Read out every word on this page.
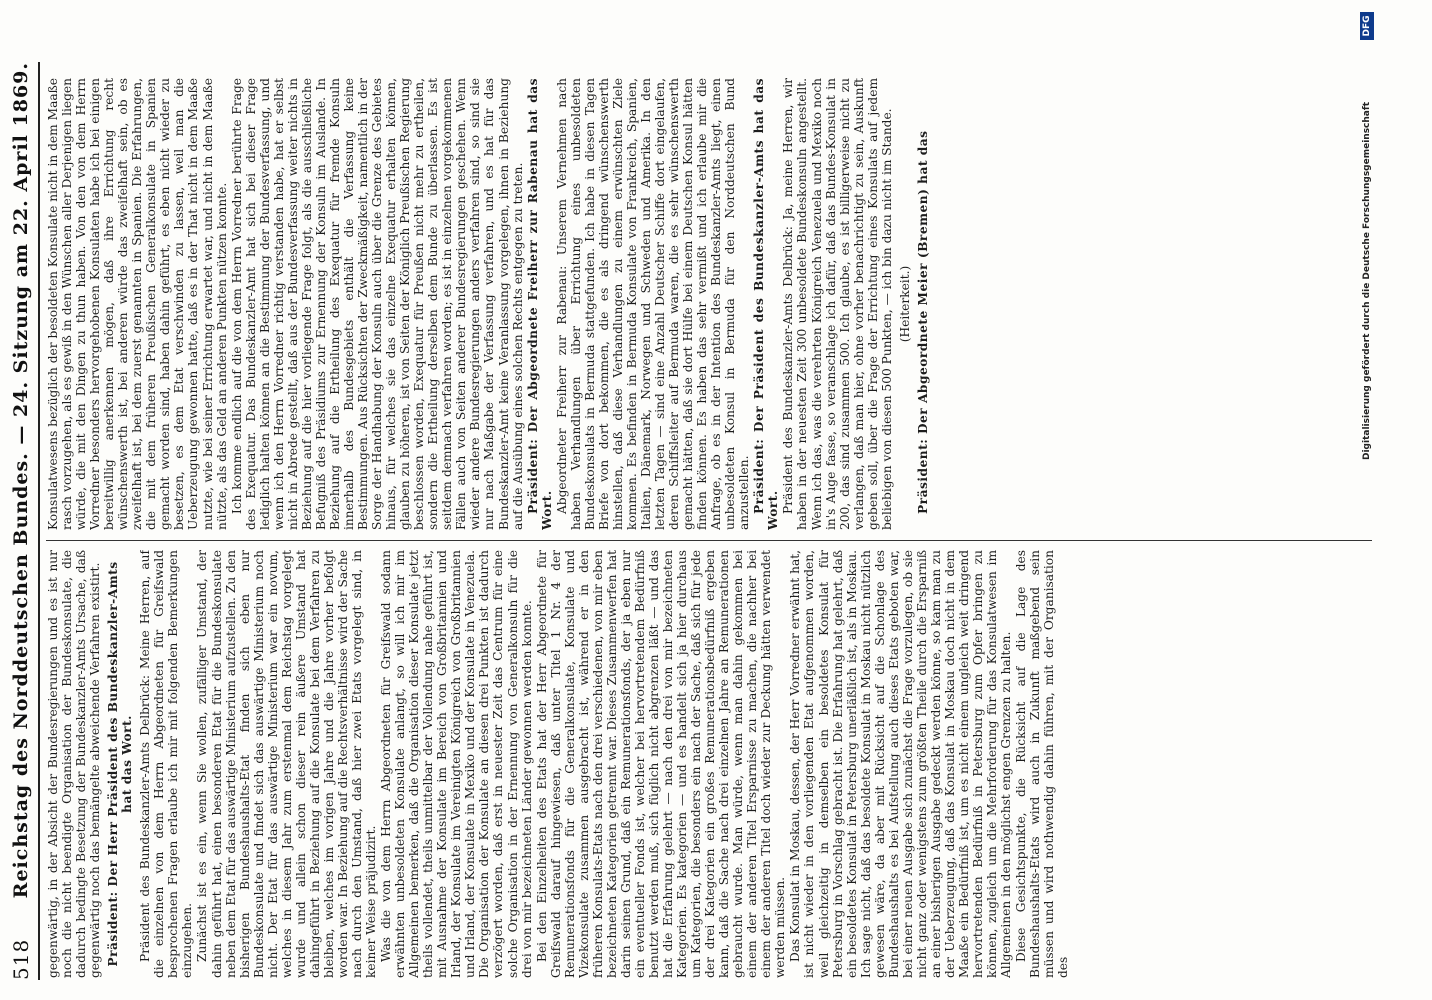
518
Reichstag des Norddeutschen Bundes. — 24. Sitzung am 22. April 1869. gegenwärtig, in der Absicht der Bundesregierungen und es ist nur noch die nicht beendigte Organisation der Bundeskonsulate, die dadurch bedingte Besetzung der Bundeskanzler-Amts Ursache, daß gegenwärtig noch das bemängelte abweichende Verfahren existirt. Präsident: Der Herr Präsident des Bundeskanzler-Amts hat das Wort. Präsident des Bundeskanzler-Amts Delbrück: Meine Herren, auf die einzelnen von dem Herrn Abgeordneten für Greifswald besprochenen Fragen erlaube ich mir mit folgenden Bemerkungen einzugehen. Zunächst ist es ein, wenn Sie wollen, zufälliger Umstand, der dahin geführt hat, einen besonderen Etat für die Bundeskonsulate neben dem Etat für das auswärtige Ministerium aufzustellen. Zu den bisherigen Bundeshaushalts-Etat finden sich eben nur Bundeskonsulate und findet sich das auswärtige Ministerium noch nicht. Der Etat für das auswärtige Ministerium war ein novum, welches in diesem Jahr zum erstenmal dem Reichstag vorgelegt wurde und allein schon dieser rein äußere Umstand hat dahingeführt in Beziehung auf die Konsulate bei dem Verfahren zu bleiben, welches im vorigen Jahre und die Jahre vorher befolgt worden war. In Beziehung auf die Rechtsverhältnisse wird der Sache nach durch den Umstand, daß hier zwei Etats vorgelegt sind, in keiner Weise präjudizirt. Was die von dem Herrn Abgeordneten für Greifswald sodann erwähnten unbesoldeten Konsulate anlangt, so will ich mir im Allgemeinen bemerken, daß die Organisation dieser Konsulate jetzt theils vollendet, theils unmittelbar der Vollendung nahe geführt ist, mit Ausnahme der Konsulate im Bereich von Großbritannien und Irland, der Konsulate im Vereinigten Königreich von Großbritannien und Irland, der Konsulate in Mexiko und der Konsulate in Venezuela. Die Organisation der Konsulate an diesen drei Punkten ist dadurch verzögert worden, daß erst in neuester Zeit das Centrum für eine solche Organisation in der Ernennung von Generalkonsuln für die drei von mir bezeichneten Länder gewonnen werden konnte. Bei den Einzelheiten des Etats hat der Herr Abgeordnete für Greifswald darauf hingewiesen, daß unter Titel 1 Nr. 4 der Remunerationsfonds für die Generalkonsulate, Konsulate und Vizekonsulate zusammen ausgebracht ist, während er in den früheren Konsulats-Etats nach den drei verschiedenen, von mir eben bezeichneten Kategorien getrennt war. Dieses Zusammenwerfen hat darin seinen Grund, daß ein Remunerationsfonds, der ja eben nur ein eventueller Fonds ist, welcher bei hervortretendem Bedürfniß benutzt werden muß, sich füglich nicht abgrenzen läßt — und das hat die Erfahrung gelehrt — nach den drei von mir bezeichneten Kategorien. Es kategorien — und es handelt sich ja hier durchaus um Kategorien, die besonders ein nach der Sache, daß sich für jede der drei Kategorien ein großes Remunerationsbedürfniß ergeben kann, daß die Sache nach drei einzelnen Jahre an Remunerationen gebraucht wurde. Man würde, wenn man dahin gekommen bei einem der anderen Titel Ersparnisse zu machen, die nachher bei einem der anderen Titel doch wieder zur Deckung hätten verwendet werden müssen. Das Konsulat in Moskau, dessen, der Herr Vorredner erwähnt hat, ist nicht wieder in den vorliegenden Etat aufgenommen worden, weil gleichzeitig in demselben ein besoldetes Konsulat für Petersburg in Vorschlag gebracht ist. Die Erfahrung hat gelehrt, daß ein besoldetes Konsulat in Petersburg unerläßlich ist, als in Moskau. Ich sage nicht, daß das besoldete Konsulat in Moskau nicht nützlich gewesen wäre, da aber mit Rücksicht auf die Schonlage des Bundeshaushalts es bei Aufstellung auch dieses Etats geboten war, bei einer neuen Ausgabe sich zunächst die Frage vorzulegen, ob sie nicht ganz oder wenigstens zum größten Theile durch die Ersparniß an einer bisherigen Ausgabe gedeckt werden könne, so kam man zu der Ueberzeugung, daß das Konsulat in Moskau doch nicht in dem Maaße ein Bedürfniß ist, um es nicht einem ungleich weit dringend hervortretenden Bedürfniß in Petersburg zum Opfer bringen zu können, zugleich um die Mehrforderung für das Konsulatwesen im Allgemeinen in den möglichst engen Grenzen zu halten. Diese Gesichtspunkte, die Rücksicht auf die Lage des Bundeshaushalts-Etats wird auch in Zukunft maßgebend sein müssen und wird nothwendig dahin führen, mit der Organisation des

Konsulatwesens bezüglich der besoldeten Konsulate nicht in dem Maaße rasch vorzugehen, als es gewiß in den Wünschen aller Derjenigen liegen würde, die mit den Dingen zu thun haben. Von den von dem Herrn Vorredner besonders hervorgehobenen Konsulaten habe ich bei einigen bereitwillig anerkennen mögen, daß ihre Errichtung recht wünschenswerth ist, bei anderen würde das zweifelhaft sein, ob es zweifelhaft ist, bei dem zuerst genannten in Spanien. Die Erfahrungen, die mit dem früheren Preußischen Generalkonsulate in Spanien gemacht worden sind, haben dahin geführt, es eben nicht wieder zu besetzen, es dem Etat verschwinden zu lassen, weil man die Ueberzeugung gewonnen hatte, daß es in der That nicht in dem Maaße nutzte, wie bei seiner Errichtung erwartet war, und nicht in dem Maaße nützte, als das Geld an anderen Punkten nützen konnte. Ich komme endlich auf die von dem Herrn Vorredner berührte Frage des Exequatur. Das Bundeskanzler-Amt hat sich bei dieser Frage lediglich halten können an die Bestimmung der Bundesverfassung, und wenn ich den Herrn Vorredner richtig verstanden habe, hat er selbst nicht in Abrede gestellt, daß aus der Bundesverfassung weiter nichts in Beziehung auf die hier vorliegende Frage folgt, als die ausschließliche Befugniß des Präsidiums zur Ernennung der Konsuln im Auslande. In Beziehung auf die Ertheilung des Exequatur für fremde Konsuln innerhalb des Bundesgebiets enthält die Verfassung keine Bestimmungen. Aus Rücksichten der Zweckmäßigkeit, namentlich in der Sorge der Handhabung der Konsuln auch über die Grenze des Gebietes hinaus, für welches sie das einzelne Exequatur erhalten können, glauben zu höheren, ist von Seiten der Königlich Preußischen Regierung beschlossen worden, Exequatur für Preußen nicht mehr zu ertheilen, sondern die Ertheilung derselben dem Bunde zu überlassen. Es ist seitdem demnach verfahren worden; es ist in einzelnen vorgekommenen Fällen auch von Seiten anderer Bundesregierungen geschehen. Wenn wieder andere Bundesregierungen anders verfahren sind, so sind sie nur nach Maßgabe der Verfassung verfahren, und es hat für das Bundeskanzler-Amt keine Veranlassung vorgelegen, ihnen in Beziehung auf die Ausübung eines solchen Rechts entgegen zu treten. Präsident: Der Abgeordnete Freiherr zur Rabenau hat das Wort. Abgeordneter Freiherr zur Rabenau: Unserem Vernehmen nach haben Verhandlungen über Errichtung eines unbesoldeten Bundeskonsulats in Bermuda stattgefunden. Ich habe in diesen Tagen Briefe von dort bekommen, die es als dringend wünschenswerth hinstellen, daß diese Verhandlungen zu einem erwünschten Ziele kommen. Es befinden in Bermuda Konsulate von Frankreich, Spanien, Italien, Dänemark, Norwegen und Schweden und Amerika. In den letzten Tagen — sind eine Anzahl Deutscher Schiffe dort eingelaufen, deren Schiffsleiter auf Bermuda waren, die es sehr wünschenswerth gemacht hätten, daß sie dort Hülfe bei einem Deutschen Konsul hätten finden können. Es haben das sehr vermißt und ich erlaube mir die Anfrage, ob es in der Intention des Bundeskanzler-Amts liegt, einen unbesoldeten Konsul in Bermuda für den Norddeutschen Bund anzustellen. Präsident: Der Präsident des Bundeskanzler-Amts hat das Wort. Präsident des Bundeskanzler-Amts Delbrück: Ja, meine Herren, wir haben in der neuesten Zeit 300 unbesoldete Bundeskonsuln angestellt. Wenn ich das, was die verehrten Königreich Venezuela und Mexiko noch in's Auge fasse, so veranschlage ich dafür, daß das Bundes-Konsulat in 200, das sind zusammen 500. Ich glaube, es ist billigerweise nicht zu verlangen, daß man hier, ohne vorher benachrichtigt zu sein, Auskunft geben soll, über die Frage der Errichtung eines Konsulats auf jedem beliebigen von diesen 500 Punkten, — ich bin dazu nicht im Stande. (Heiterkeit.) Präsident: Der Abgeordnete Meier (Bremen) hat das	Digitalisierung gefördert durch die Deutsche Forschungsgemeinschaft
DFG
